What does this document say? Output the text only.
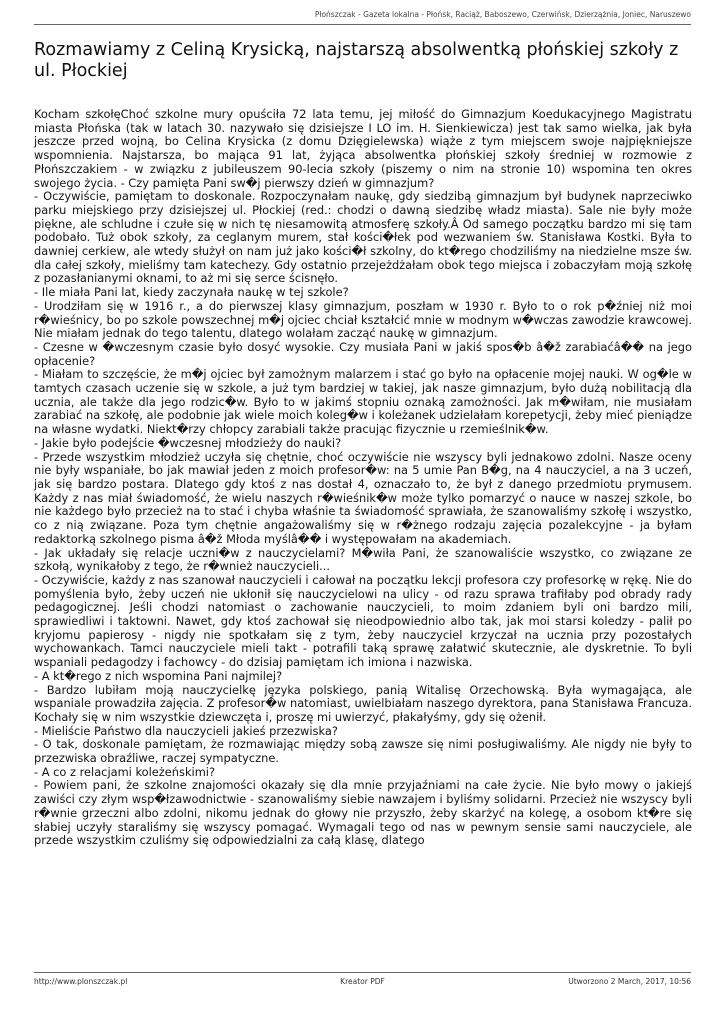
Płońszczak - Gazeta lokalna - Płońsk, Raciąż, Baboszewo, Czerwińsk, Dzierzążnia, Joniec, Naruszewo
Rozmawiamy z Celiną Krysicką, najstarszą absolwentką płońskiej szkoły z ul. Płockiej

Kocham szkołęChoć szkolne mury opuściła 72 lata temu, jej miłość do Gimnazjum Koedukacyjnego Magistratu miasta Płońska (tak w latach 30. nazywało się dzisiejsze I LO im. H. Sienkiewicza) jest tak samo wielka, jak była jeszcze przed wojną, bo Celina Krysicka (z domu Dzięgielewska) wiąże z tym miejscem swoje najpiękniejsze wspomnienia. Najstarsza, bo mająca 91 lat, żyjąca absolwentka płońskiej szkoły średniej w rozmowie z Płońszczakiem - w związku z jubileuszem 90-lecia szkoły (piszemy o nim na stronie 10) wspomina ten okres swojego życia. - Czy pamięta Pani sw�j pierwszy dzień w gimnazjum?

- Oczywiście, pamiętam to doskonale. Rozpoczynałam naukę, gdy siedzibą gimnazjum był budynek naprzeciwko parku miejskiego przy dzisiejszej ul. Płockiej (red.: chodzi o dawną siedzibę władz miasta). Sale nie były może piękne, ale schludne i czułe się w nich tę niesamowitą atmosferę szkoły.Â Od samego początku bardzo mi się tam podobało. Tuż obok szkoły, za ceglanym murem, stał kości�łek pod wezwaniem św. Stanisława Kostki. Była to dawniej cerkiew, ale wtedy służył on nam już jako kości�ł szkolny, do kt�rego chodziliśmy na niedzielne msze św. dla całej szkoły, mieliśmy tam katechezy. Gdy ostatnio przejeżdżałam obok tego miejsca i zobaczyłam moją szkołę z pozasłanianymi oknami, to aż mi się serce ścisnęło.

- Ile miała Pani lat, kiedy zaczynała naukę w tej szkole?

- Urodziłam się w 1916 r., a do pierwszej klasy gimnazjum, poszłam w 1930 r. Było to o rok p�źniej niż moi r�wieśnicy, bo po szkole powszechnej m�j ojciec chciał kształcić mnie w modnym w�wczas zawodzie krawcowej. Nie miałam jednak do tego talentu, dlatego wolałam zacząć naukę w gimnazjum.

- Czesne w �wczesnym czasie było dosyć wysokie. Czy musiała Pani w jakiś spos�b â�ž zarabiaćâ�� na jego opłacenie?

- Miałam to szczęście, że m�j ojciec był zamożnym malarzem i stać go było na opłacenie mojej nauki. W og�le w tamtych czasach uczenie się w szkole, a już tym bardziej w takiej, jak nasze gimnazjum, było dużą nobilitacją dla ucznia, ale także dla jego rodzic�w. Było to w jakimś stopniu oznaką zamożności. Jak m�wiłam, nie musiałam zarabiać na szkołę, ale podobnie jak wiele moich koleg�w i koleżanek udzielałam korepetycji, żeby mieć pieniądze na własne wydatki. Niekt�rzy chłopcy zarabiali także pracując fizycznie u rzemieślnik�w.

- Jakie było podejście �wczesnej młodzieży do nauki?

- Przede wszystkim młodzież uczyła się chętnie, choć oczywiście nie wszyscy byli jednakowo zdolni. Nasze oceny nie były wspaniałe, bo jak mawiał jeden z moich profesor�w: na 5 umie Pan B�g, na 4 nauczyciel, a na 3 uczeń, jak się bardzo postara. Dlatego gdy ktoś z nas dostał 4, oznaczało to, że był z danego przedmiotu prymusem. Każdy z nas miał świadomość, że wielu naszych r�wieśnik�w może tylko pomarzyć o nauce w naszej szkole, bo nie każdego było przecież na to stać i chyba właśnie ta świadomość sprawiała, że szanowaliśmy szkołę i wszystko, co z nią związane. Poza tym chętnie angażowaliśmy się w r�żnego rodzaju zajęcia pozalekcyjne - ja byłam redaktorką szkolnego pisma â�ž Młoda myślâ�� i występowałam na akademiach.

- Jak układały się relacje uczni�w z nauczycielami? M�wiła Pani, że szanowaliście wszystko, co związane ze szkołą, wynikałoby z tego, że r�wnież nauczycieli...

- Oczywiście, każdy z nas szanował nauczycieli i całował na początku lekcji profesora czy profesorkę w rękę. Nie do pomyślenia było, żeby uczeń nie ukłonił się nauczycielowi na ulicy - od razu sprawa trafiłaby pod obrady rady pedagogicznej. Jeśli chodzi natomiast o zachowanie nauczycieli, to moim zdaniem byli oni bardzo mili, sprawiedliwi i taktowni. Nawet, gdy ktoś zachował się nieodpowiednio albo tak, jak moi starsi koledzy - palił po kryjomu papierosy - nigdy nie spotkałam się z tym, żeby nauczyciel krzyczał na ucznia przy pozostałych wychowankach. Tamci nauczyciele mieli takt - potrafili taką sprawę załatwić skutecznie, ale dyskretnie. To byli wspaniali pedagodzy i fachowcy - do dzisiaj pamiętam ich imiona i nazwiska.

- A kt�rego z nich wspomina Pani najmilej?

- Bardzo lubiłam moją nauczycielkę języka polskiego, panią Witalisę Orzechowską. Była wymagająca, ale wspaniale prowadziła zajęcia. Z profesor�w natomiast, uwielbiałam naszego dyrektora, pana Stanisława Francuza. Kochały się w nim wszystkie dziewczęta i, proszę mi uwierzyć, płakałyśmy, gdy się ożenił.

- Mieliście Państwo dla nauczycieli jakieś przezwiska?

- O tak, doskonale pamiętam, że rozmawiając między sobą zawsze się nimi posługiwaliśmy. Ale nigdy nie były to przezwiska obraźliwe, raczej sympatyczne.

- A co z relacjami koleżeńskimi?

- Powiem pani, że szkolne znajomości okazały się dla mnie przyjaźniami na całe życie. Nie było mowy o jakiejś zawiści czy złym wsp�łzawodnictwie - szanowaliśmy siebie nawzajem i byliśmy solidarni. Przecież nie wszyscy byli r�wnie grzeczni albo zdolni, nikomu jednak do głowy nie przyszło, żeby skarżyć na kolegę, a osobom kt�re się słabiej uczyły staraliśmy się wszyscy pomagać. Wymagali tego od nas w pewnym sensie sami nauczyciele, ale przede wszystkim czuliśmy się odpowiedzialni za całą klasę, dlatego

http://www.plonszczak.pl	Kreator PDF	Utworzono 2 March, 2017, 10:56
